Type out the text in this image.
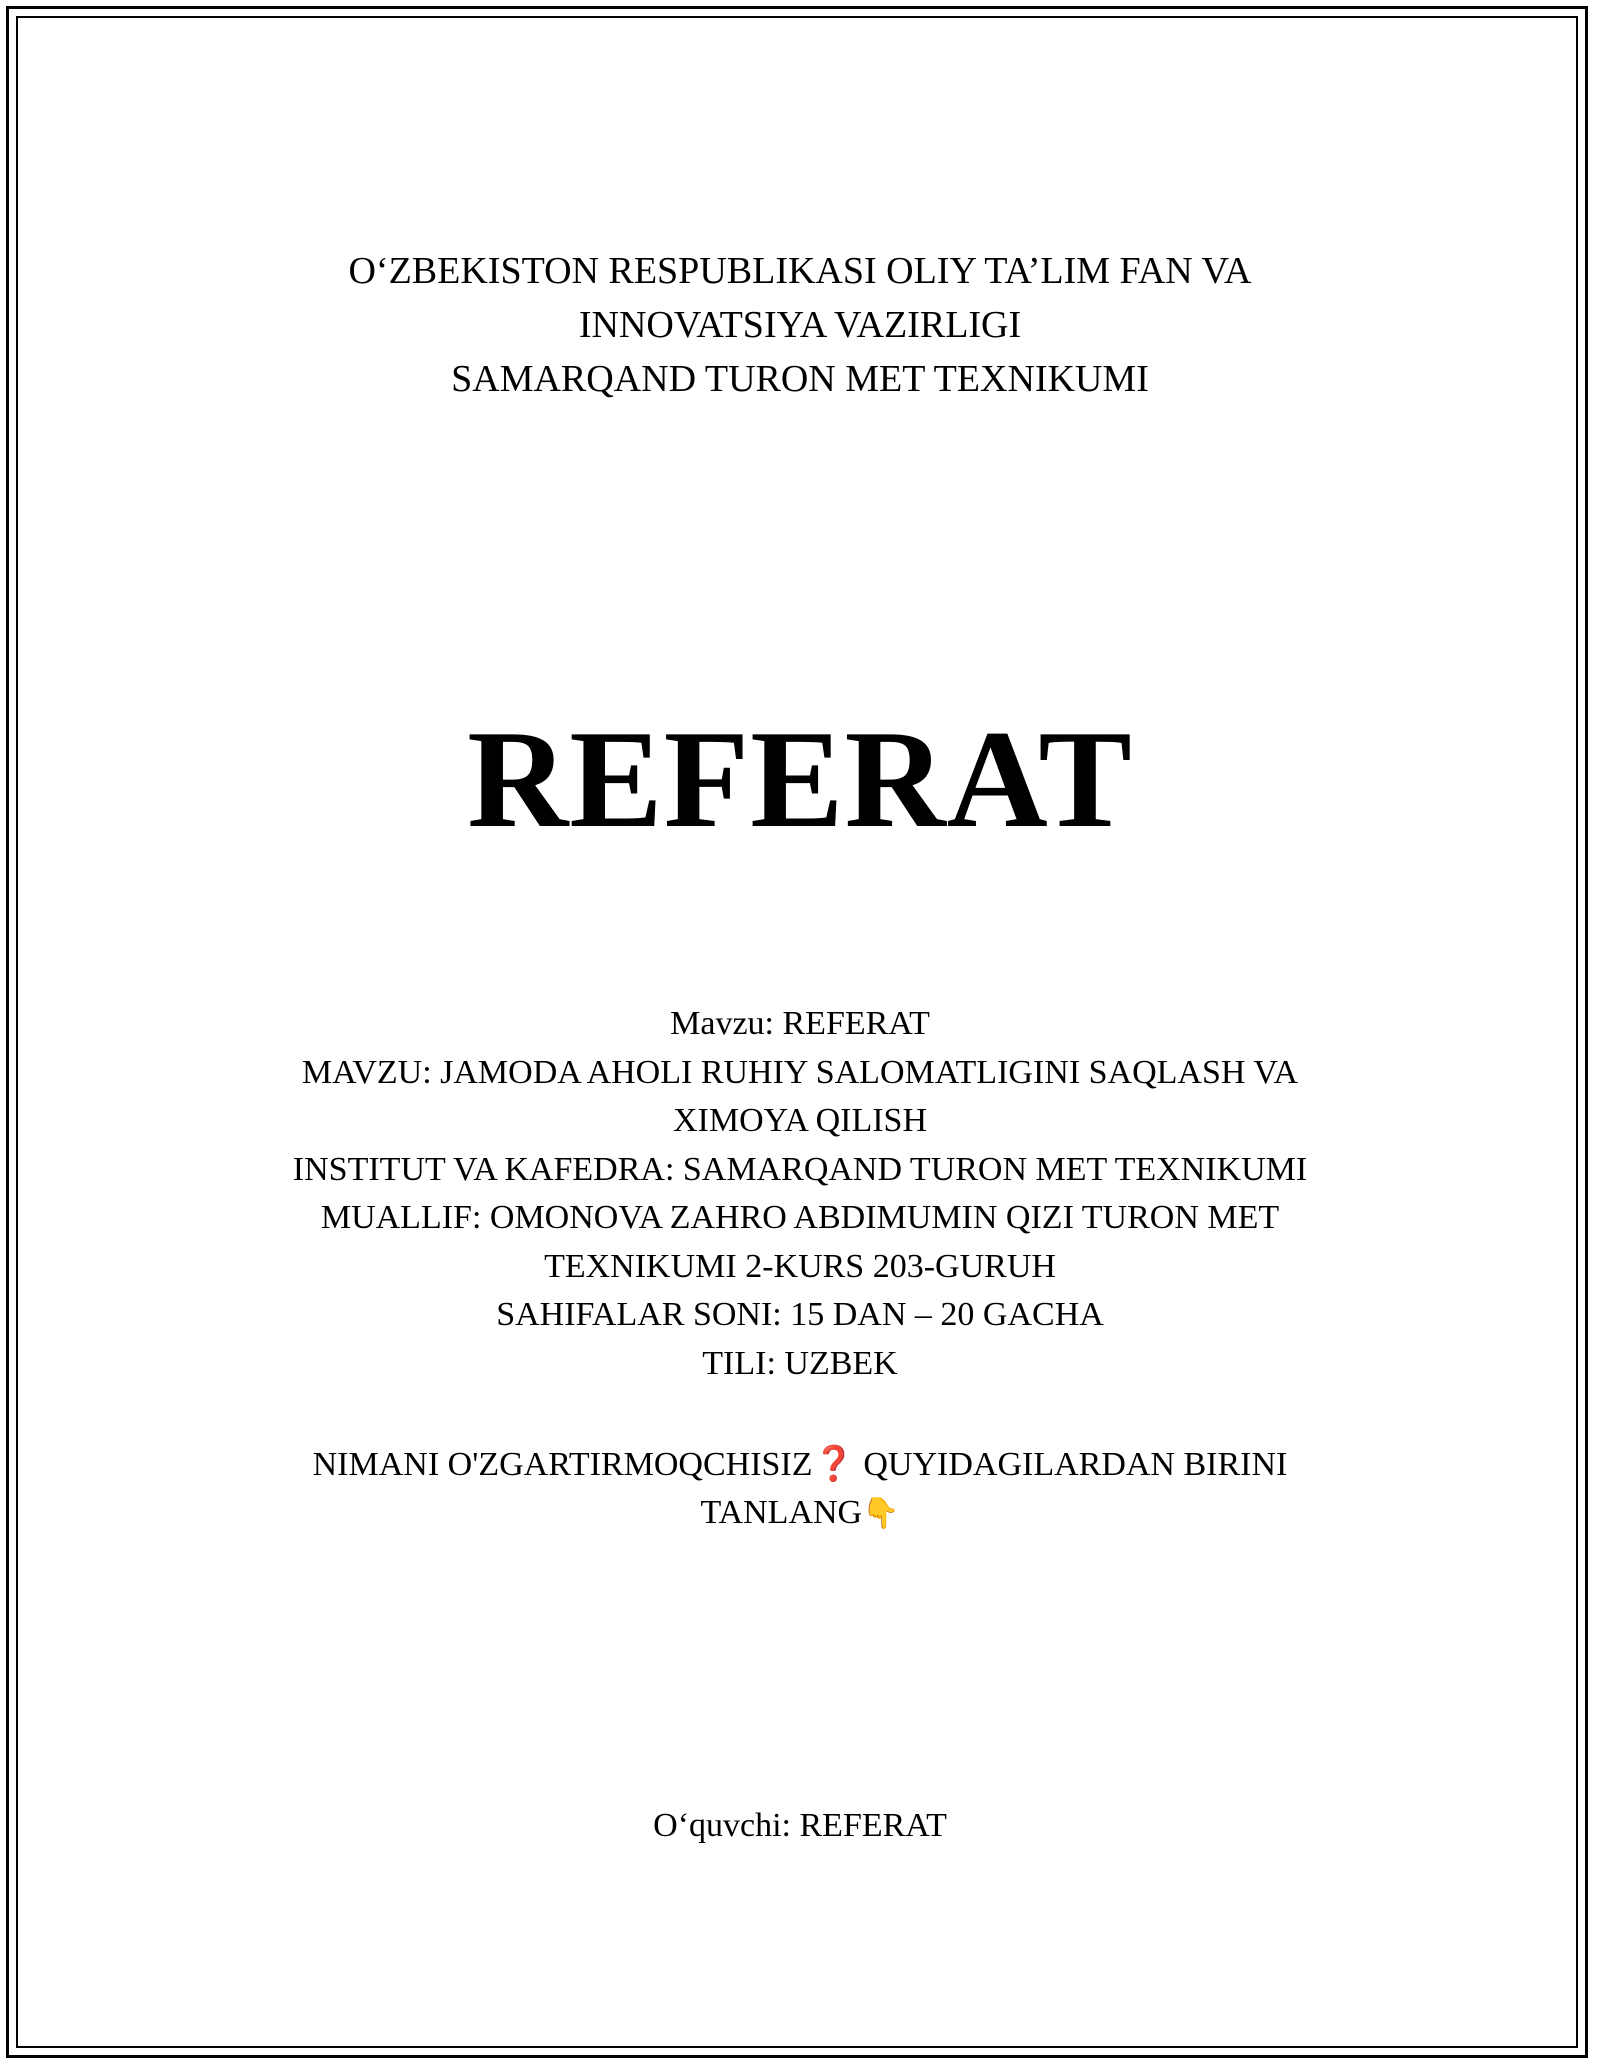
O‘ZBEKISTON RESPUBLIKASI OLIY TA’LIM FAN VA
INNOVATSIYA VAZIRLIGI
SAMARQAND TURON MET TEXNIKUMI
REFERAT
Mavzu: REFERAT
MAVZU: JAMODA AHOLI RUHIY SALOMATLIGINI SAQLASH VA
XIMOYA QILISH
INSTITUT VA KAFEDRA: SAMARQAND TURON MET TEXNIKUMI
MUALLIF: OMONOVA ZAHRO ABDIMUMIN QIZI TURON MET
TEXNIKUMI 2-KURS 203-GURUH
SAHIFALAR SONI: 15 DAN – 20 GACHA
TILI: UZBEK
NIMANI O'ZGARTIRMOQCHISIZ❓ QUYIDAGILARDAN BIRINI
TANLANG👇
O‘quvchi: REFERAT
